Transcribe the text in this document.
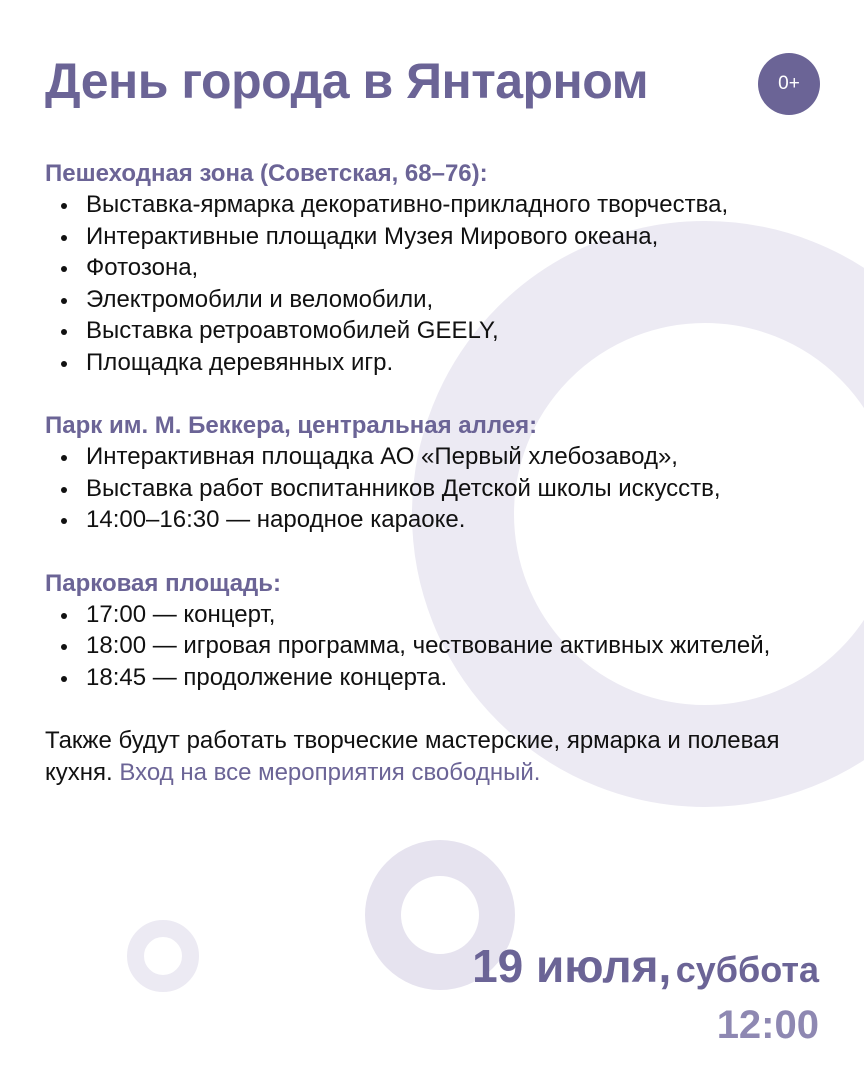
День города в Янтарном	0+

Пешеходная зона (Советская, 68–76):

Выставка-ярмарка декоративно-прикладного творчества,
Интерактивные площадки Музея Мирового океана,
Фотозона,
Электромобили и веломобили,
Выставка ретроавтомобилей GEELY,
Площадка деревянных игр.

Парк им. М. Беккера, центральная аллея:

Интерактивная площадка АО «Первый хлебозавод»,
Выставка работ воспитанников Детской школы искусств,
14:00–16:30 — народное караоке.

Парковая площадь:

17:00 — концерт,
18:00 — игровая программа, чествование активных жителей,
18:45 — продолжение концерта.

Также будут работать творческие мастерские, ярмарка и полевая кухня. Вход на все мероприятия свободный.

19 июля, суббота
12:00
